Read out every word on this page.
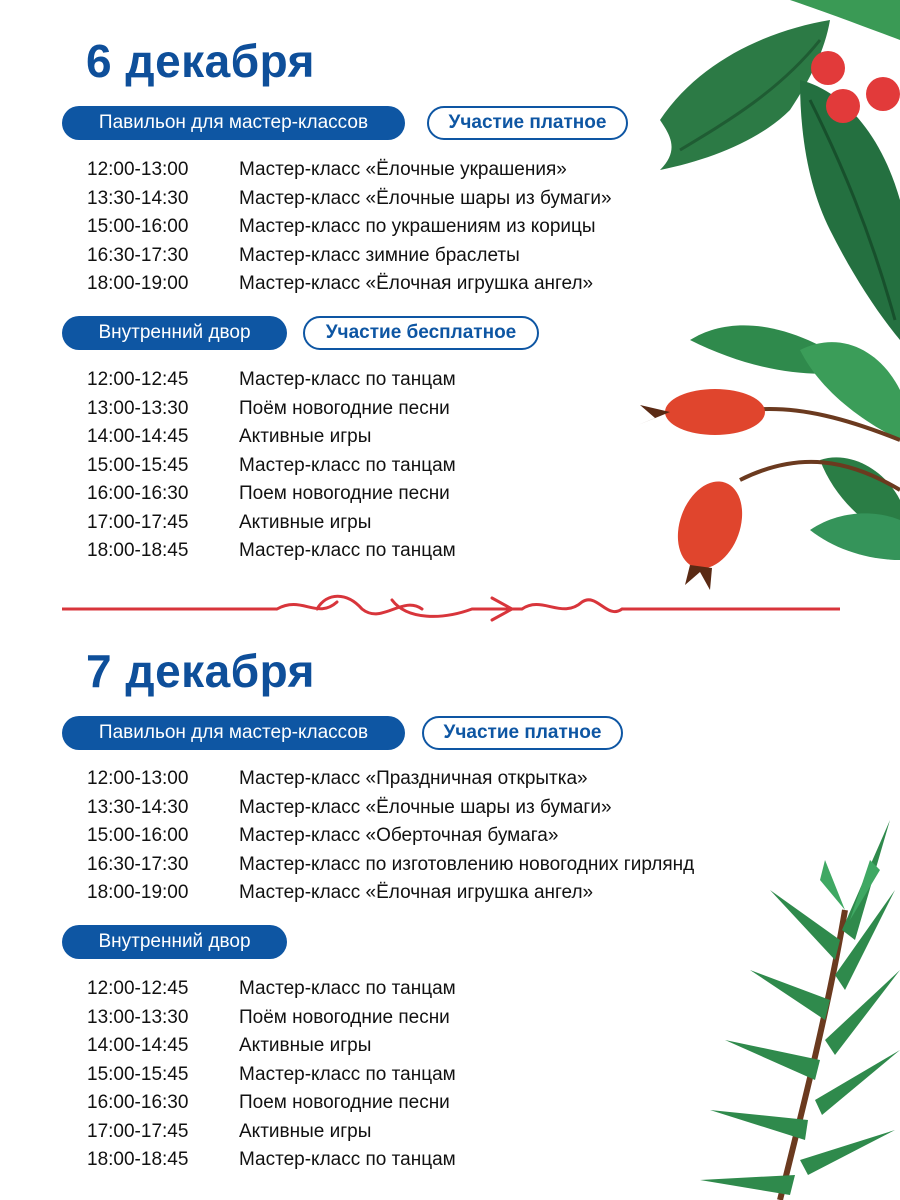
6 декабря
Павильон для мастер-классов	Участие платное
12:00-13:00	Мастер-класс «Ёлочные украшения»
13:30-14:30	Мастер-класс «Ёлочные шары из бумаги»
15:00-16:00	Мастер-класс по украшениям из корицы
16:30-17:30	Мастер-класс зимние браслеты
18:00-19:00	Мастер-класс «Ёлочная игрушка ангел»
Внутренний двор	Участие бесплатное
12:00-12:45	Мастер-класс по танцам
13:00-13:30	Поём новогодние песни
14:00-14:45	Активные игры
15:00-15:45	Мастер-класс по танцам
16:00-16:30	Поем новогодние песни
17:00-17:45	Активные игры
18:00-18:45	Мастер-класс по танцам
7 декабря
Павильон для мастер-классов	Участие платное
12:00-13:00	Мастер-класс «Праздничная открытка»
13:30-14:30	Мастер-класс «Ёлочные шары из бумаги»
15:00-16:00	Мастер-класс «Оберточная бумага»
16:30-17:30	Мастер-класс по изготовлению новогодних гирлянд
18:00-19:00	Мастер-класс «Ёлочная игрушка ангел»
Внутренний двор
12:00-12:45	Мастер-класс по танцам
13:00-13:30	Поём новогодние песни
14:00-14:45	Активные игры
15:00-15:45	Мастер-класс по танцам
16:00-16:30	Поем новогодние песни
17:00-17:45	Активные игры
18:00-18:45	Мастер-класс по танцам
